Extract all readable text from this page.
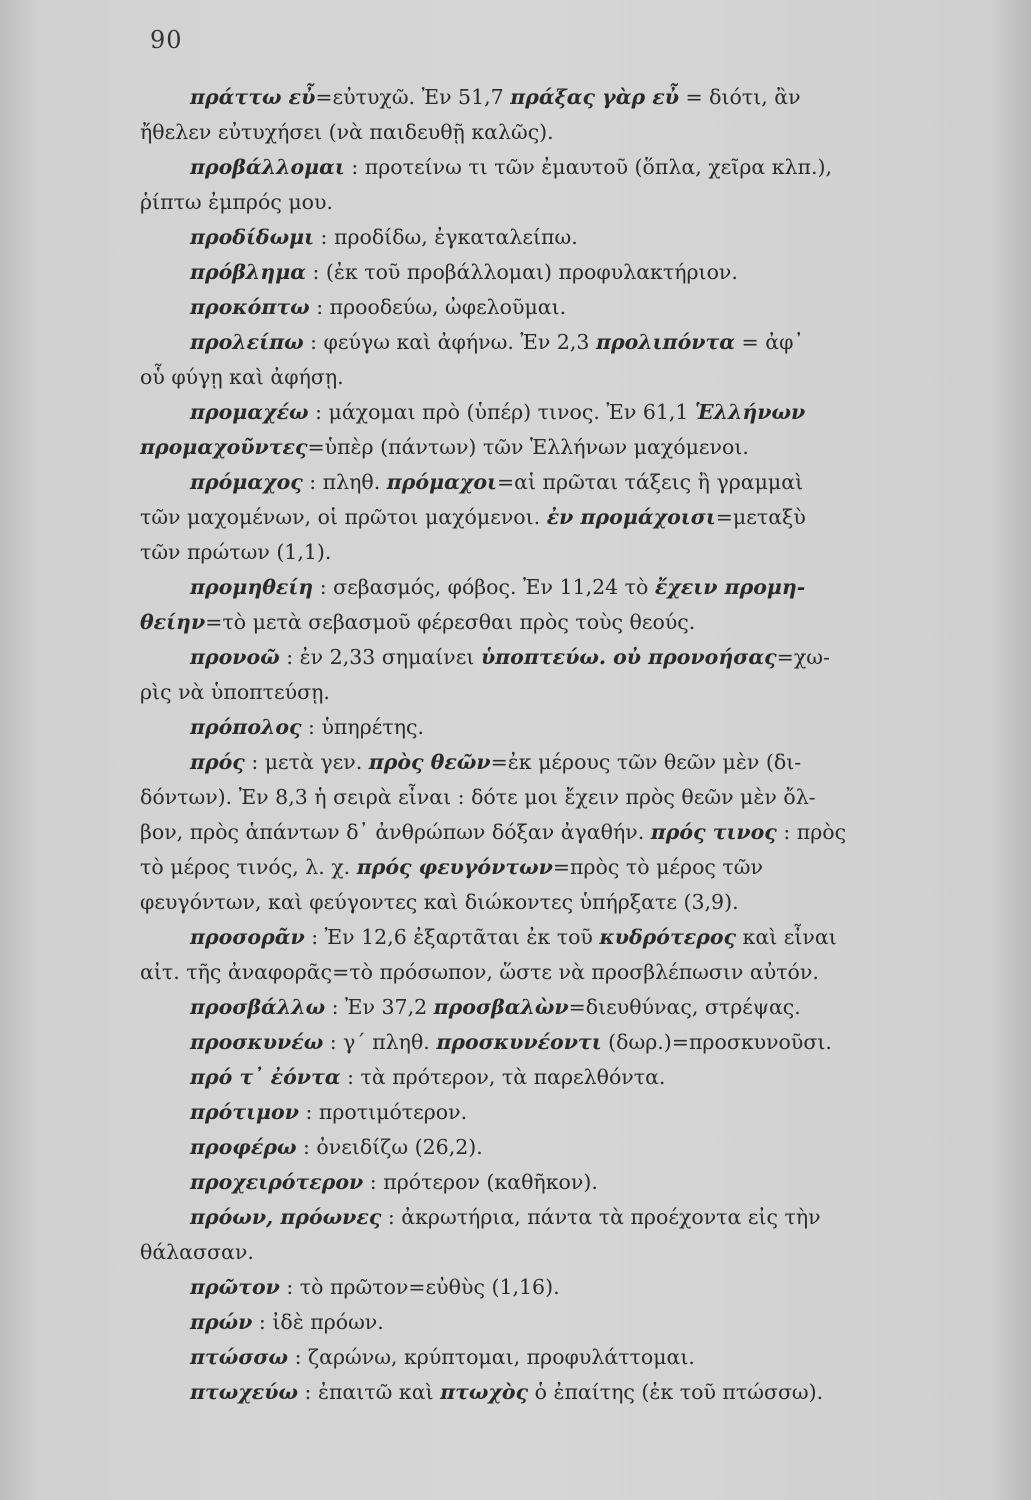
90
πράττω εὖ=εὐτυχῶ. Ἐν 51,7 πράξας γὰρ εὖ = διότι, ἂν
ἤθελεν εὐτυχήσει (νὰ παιδευθῇ καλῶς).
προβάλλομαι : προτείνω τι τῶν ἐμαυτοῦ (ὅπλα, χεῖρα κλπ.),
ῥίπτω ἐμπρός μου.
προδίδωμι : προδίδω, ἐγκαταλείπω.
πρόβλημα : (ἐκ τοῦ προβάλλομαι) προφυλακτήριον.
προκόπτω : προοδεύω, ὠφελοῦμαι.
προλείπω : φεύγω καὶ ἀφήνω. Ἐν 2,3 προλιπόντα = ἀφ᾿
οὗ φύγῃ καὶ ἀφήσῃ.
προμαχέω : μάχομαι πρὸ (ὑπέρ) τινος. Ἐν 61,1 Ἑλλήνων
προμαχοῦντες=ὑπὲρ (πάντων) τῶν Ἑλλήνων μαχόμενοι.
πρόμαχος : πληθ. πρόμαχοι=αἱ πρῶται τάξεις ἢ γραμμαὶ
τῶν μαχομένων, οἱ πρῶτοι μαχόμενοι. ἐν προμάχοισι=μεταξὺ
τῶν πρώτων (1,1).
προμηθείη : σεβασμός, φόβος. Ἐν 11,24 τὸ ἔχειν προμη-
θείην=τὸ μετὰ σεβασμοῦ φέρεσθαι πρὸς τοὺς θεούς.
προνοῶ : ἐν 2,33 σημαίνει ὑποπτεύω. οὐ προνοήσας=χω-
ρὶς νὰ ὑποπτεύσῃ.
πρόπολος : ὑπηρέτης.
πρός : μετὰ γεν. πρὸς θεῶν=ἐκ μέρους τῶν θεῶν μὲν (δι-
δόντων). Ἐν 8,3 ἡ σειρὰ εἶναι : δότε μοι ἔχειν πρὸς θεῶν μὲν ὄλ-
βον, πρὸς ἁπάντων δ᾿ ἀνθρώπων δόξαν ἀγαθήν. πρός τινος : πρὸς
τὸ μέρος τινός, λ. χ. πρός φευγόντων=πρὸς τὸ μέρος τῶν
φευγόντων, καὶ φεύγοντες καὶ διώκοντες ὑπήρξατε (3,9).
προσορᾶν : Ἐν 12,6 ἐξαρτᾶται ἐκ τοῦ κυδρότερος καὶ εἶναι
αἰτ. τῆς ἀναφορᾶς=τὸ πρόσωπον, ὥστε νὰ προσβλέπωσιν αὐτόν.
προσβάλλω : Ἐν 37,2 προσβαλὼν=διευθύνας, στρέψας.
προσκυνέω : γ΄ πληθ. προσκυνέοντι (δωρ.)=προσκυνοῦσι.
πρό τ᾿ ἐόντα : τὰ πρότερον, τὰ παρελθόντα.
πρότιμον : προτιμότερον.
προφέρω : ὀνειδίζω (26,2).
προχειρότερον : πρότερον (καθῆκον).
πρόων, πρόωνες : ἀκρωτήρια, πάντα τὰ προέχοντα εἰς τὴν
θάλασσαν.
πρῶτον : τὸ πρῶτον=εὐθὺς (1,16).
πρών : ἰδὲ πρόων.
πτώσσω : ζαρώνω, κρύπτομαι, προφυλάττομαι.
πτωχεύω : ἐπαιτῶ καὶ πτωχὸς ὁ ἐπαίτης (ἐκ τοῦ πτώσσω).
